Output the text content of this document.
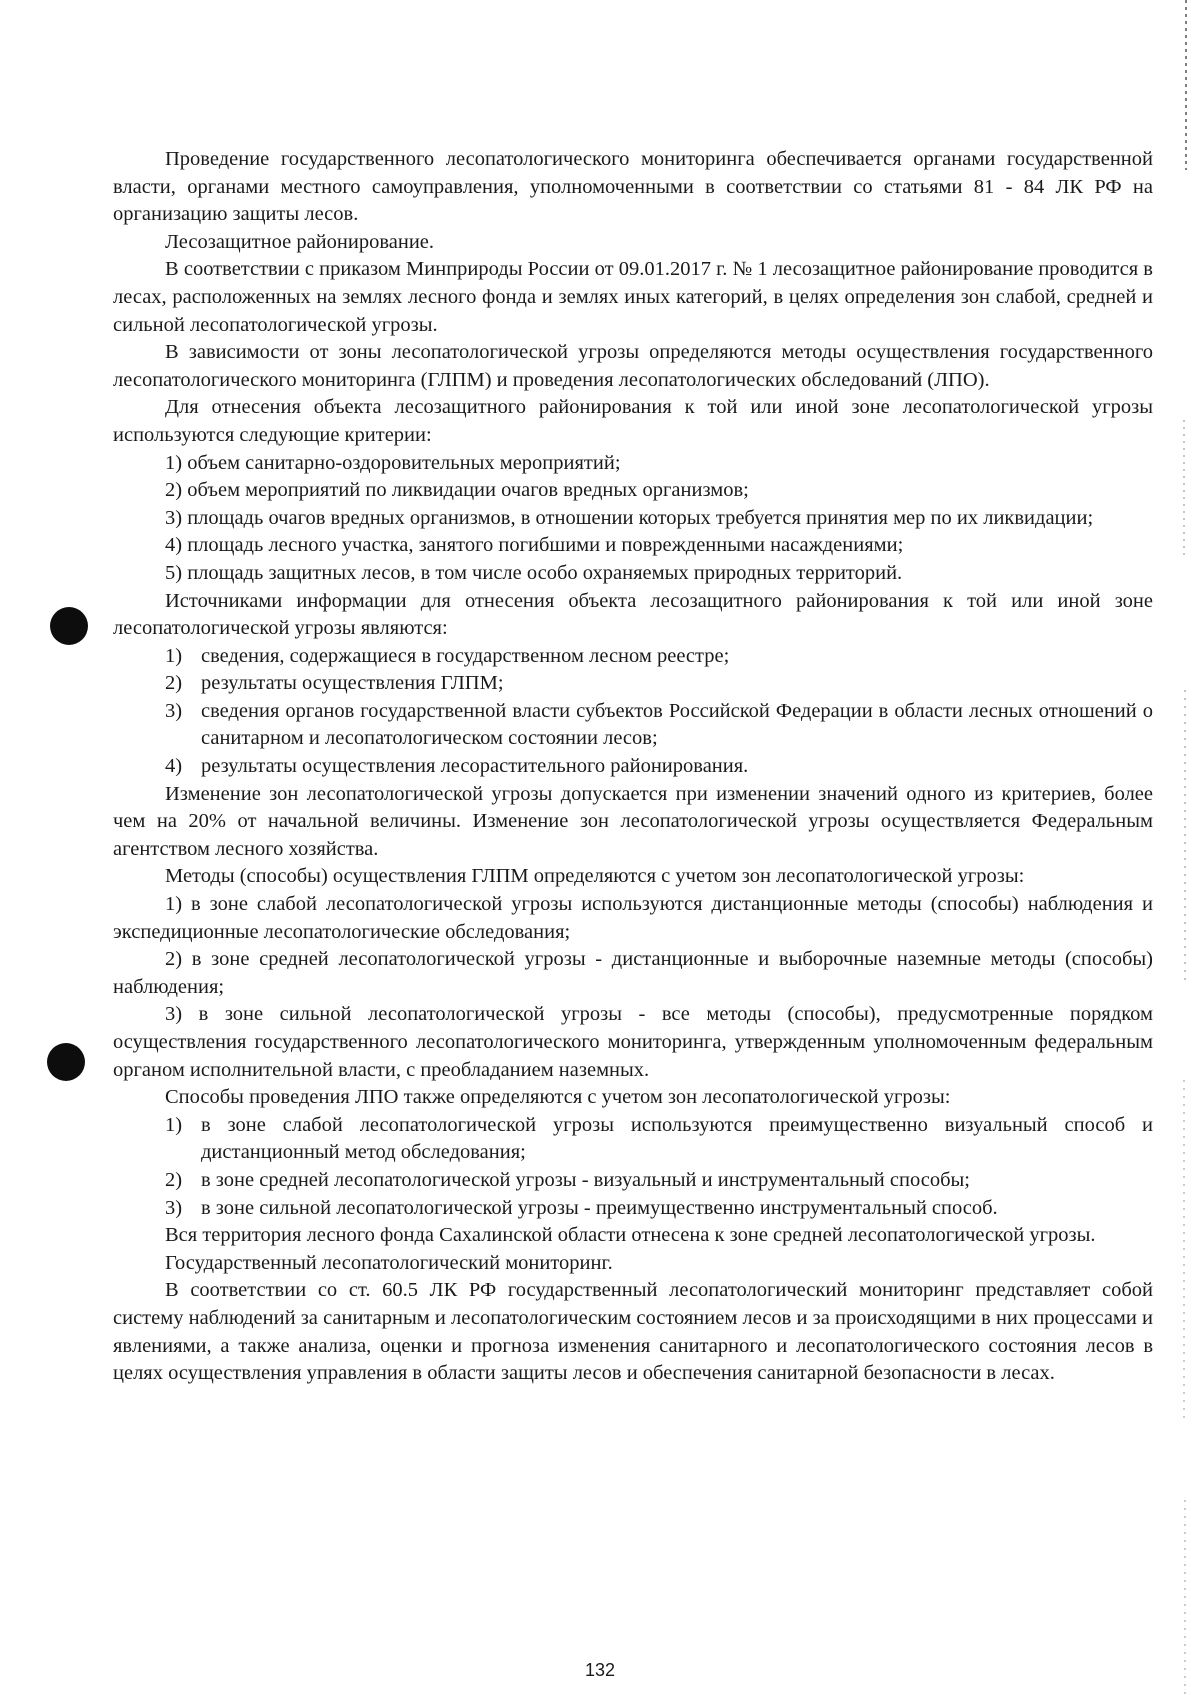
Проведение государственного лесопатологического мониторинга обеспечивается органами государственной власти, органами местного самоуправления, уполномоченными в соответствии со статьями 81 - 84 ЛК РФ на организацию защиты лесов.

Лесозащитное районирование.

В соответствии с приказом Минприроды России от 09.01.2017 г. № 1 лесозащитное районирование проводится в лесах, расположенных на землях лесного фонда и землях иных категорий, в целях определения зон слабой, средней и сильной лесопатологической угрозы.

В зависимости от зоны лесопатологической угрозы определяются методы осуществления государственного лесопатологического мониторинга (ГЛПМ) и проведения лесопатологических обследований (ЛПО).

Для отнесения объекта лесозащитного районирования к той или иной зоне лесопатологической угрозы используются следующие критерии:

1) объем санитарно-оздоровительных мероприятий;

2) объем мероприятий по ликвидации очагов вредных организмов;

3) площадь очагов вредных организмов, в отношении которых требуется принятия мер по их ликвидации;

4) площадь лесного участка, занятого погибшими и поврежденными насаждениями;

5) площадь защитных лесов, в том числе особо охраняемых природных территорий.

Источниками информации для отнесения объекта лесозащитного районирования к той или иной зоне лесопатологической угрозы являются:

1) сведения, содержащиеся в государственном лесном реестре;
2) результаты осуществления ГЛПМ;
3) сведения органов государственной власти субъектов Российской Федерации в области лесных отношений о санитарном и лесопатологическом состоянии лесов;
4) результаты осуществления лесорастительного районирования.

Изменение зон лесопатологической угрозы допускается при изменении значений одного из критериев, более чем на 20% от начальной величины. Изменение зон лесопатологической угрозы осуществляется Федеральным агентством лесного хозяйства.

Методы (способы) осуществления ГЛПМ определяются с учетом зон лесопатологической угрозы:

1) в зоне слабой лесопатологической угрозы используются дистанционные методы (способы) наблюдения и экспедиционные лесопатологические обследования;

2) в зоне средней лесопатологической угрозы - дистанционные и выборочные наземные методы (способы) наблюдения;

3) в зоне сильной лесопатологической угрозы - все методы (способы), предусмотренные порядком осуществления государственного лесопатологического мониторинга, утвержденным уполномоченным федеральным органом исполнительной власти, с преобладанием наземных.

Способы проведения ЛПО также определяются с учетом зон лесопатологической угрозы:

1) в зоне слабой лесопатологической угрозы используются преимущественно визуальный способ и дистанционный метод обследования;
2) в зоне средней лесопатологической угрозы - визуальный и инструментальный способы;
3) в зоне сильной лесопатологической угрозы - преимущественно инструментальный способ.

Вся территория лесного фонда Сахалинской области отнесена к зоне средней лесопатологической угрозы.

Государственный лесопатологический мониторинг.

В соответствии со ст. 60.5 ЛК РФ государственный лесопатологический мониторинг представляет собой систему наблюдений за санитарным и лесопатологическим состоянием лесов и за происходящими в них процессами и явлениями, а также анализа, оценки и прогноза изменения санитарного и лесопатологического состояния лесов в целях осуществления управления в области защиты лесов и обеспечения санитарной безопасности в лесах.

132
